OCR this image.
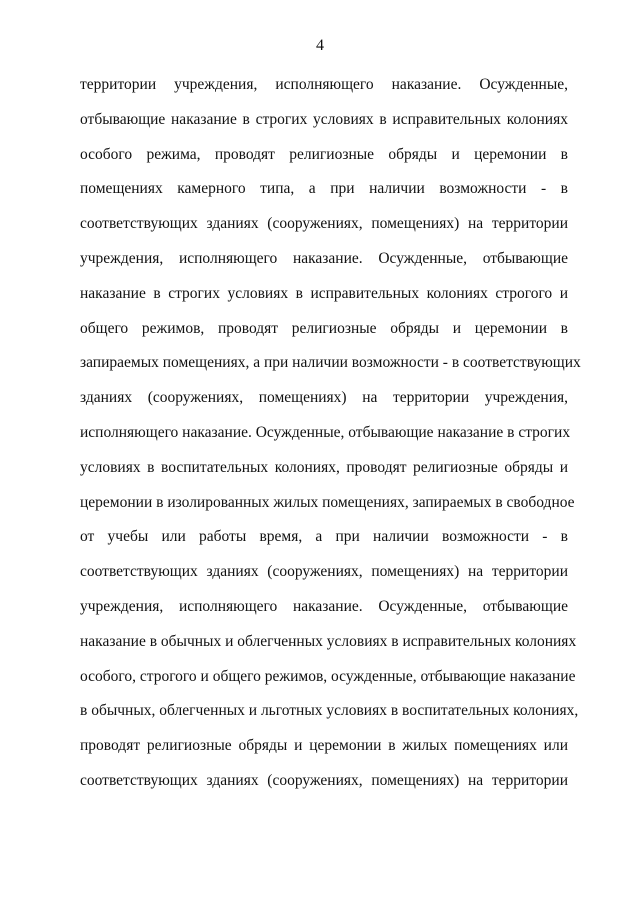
4
территории учреждения, исполняющего наказание. Осужденные,
отбывающие наказание в строгих условиях в исправительных колониях
особого режима, проводят религиозные обряды и церемонии в
помещениях камерного типа, а при наличии возможности - в
соответствующих зданиях (сооружениях, помещениях) на территории
учреждения, исполняющего наказание. Осужденные, отбывающие
наказание в строгих условиях в исправительных колониях строгого и
общего режимов, проводят религиозные обряды и церемонии в
запираемых помещениях, а при наличии возможности - в соответствующих
зданиях (сооружениях, помещениях) на территории учреждения,
исполняющего наказание. Осужденные, отбывающие наказание в строгих
условиях в воспитательных колониях, проводят религиозные обряды и
церемонии в изолированных жилых помещениях, запираемых в свободное
от учебы или работы время, а при наличии возможности - в
соответствующих зданиях (сооружениях, помещениях) на территории
учреждения, исполняющего наказание. Осужденные, отбывающие
наказание в обычных и облегченных условиях в исправительных колониях
особого, строгого и общего режимов, осужденные, отбывающие наказание
в обычных, облегченных и льготных условиях в воспитательных колониях,
проводят религиозные обряды и церемонии в жилых помещениях или
соответствующих зданиях (сооружениях, помещениях) на территории
